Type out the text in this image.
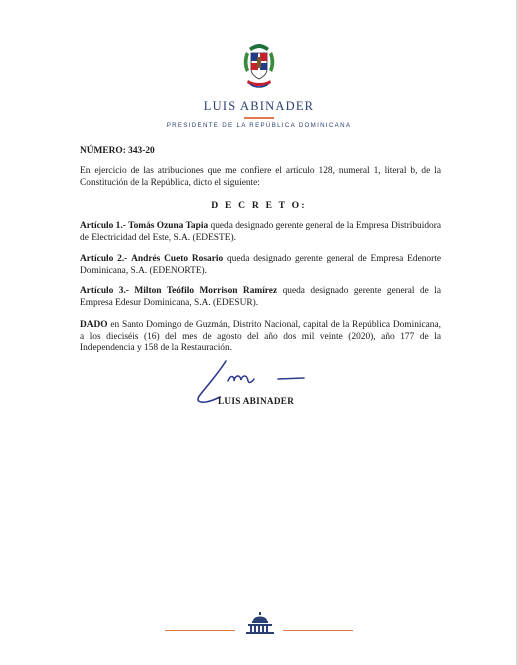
LUIS ABINADER
PRESIDENTE DE LA REPÚBLICA DOMINICANA
NÚMERO: 343-20
En ejercicio de las atribuciones que me confiere el artículo 128, numeral 1, literal b, de la Constitución de la República, dicto el siguiente:
D E C R E T O:
Artículo 1.- Tomás Ozuna Tapia queda designado gerente general de la Empresa Distribuidora de Electricidad del Este, S.A. (EDESTE).
Artículo 2.- Andrés Cueto Rosario queda designado gerente general de Empresa Edenorte Dominicana, S.A. (EDENORTE).
Artículo 3.- Milton Teófilo Morrison Ramírez queda designado gerente general de la Empresa Edesur Dominicana, S.A. (EDESUR).
DADO en Santo Domingo de Guzmán, Distrito Nacional, capital de la República Dominicana, a los dieciséis (16) del mes de agosto del año dos mil veinte (2020), año 177 de la Independencia y 158 de la Restauración.
LUIS ABINADER
